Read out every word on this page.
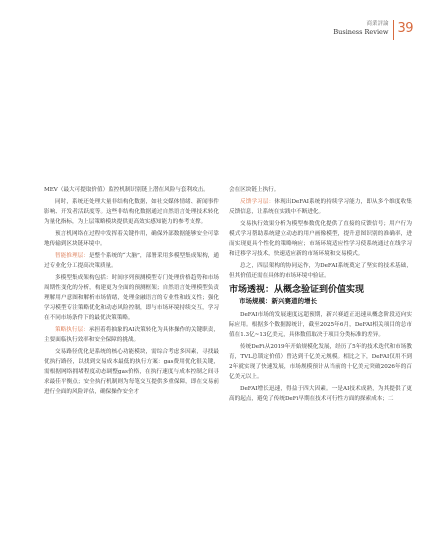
商業評論
Business Review 39

MEV（最大可提取价值）监控机制识别链上潜在风险与套利攻击。

同时，系统还处理大量非结构化数据，如社交媒体情绪、新闻事件影响、开发者活跃度等。这些非结构化数据通过自然语言处理技术转化为量化指标，为上层策略模块提供更高效实感知能力的参考支撑。

预言机网络在过程中发挥着关键作用，确保外部数据能够安全可靠地传输到区块链环境中。

智能推理层：是整个系统的“大脑”，部署采用多模型集成架构，通过专业化分工提高决策质量。

多模型集成架构包括：时间序列预测模型专门处理价格趋势和市场周期性变化的分析，构建更为全面的预测框架；自然语言处理模型负责理解用户意图和解析市场情绪，处理金融语言的专业性和歧义性；强化学习模型专注策略优化和动态风险控制，即与市场环境持续交互，学习在不同市场条件下的最优决策策略。

策略执行层：承担着将抽象的AI决策转化为具体操作的关键职责，主要面临执行效率和安全保障的挑战。

交易路径优化是系统的核心功能模块，需综合考虑多因素，寻找最优执行路径，以找到交易成本最低的执行方案：gas费用优化很关键，需根据网络拥堵程度动态调整gas价格，在执行速度与成本控制之间寻求最佳平衡点；安全执行机制则为每笔交互提供多重保障，即在交易前进行全面的风险评估，确保操作安全才

会在区块链上执行。

反馈学习层：体现出DeFAI系统的持续学习能力，即从多个维度收集反馈信息，让系统在实践中不断进化。

交易执行效果分析为模型参数优化提供了直接的反馈信号；用户行为模式学习帮助系统建立动态的用户画像模型，提升意图识别的准确率，进而实现更具个性化的策略响应；市场环境适应性学习使系统通过在线学习和迁移学习技术，快速适应新的市场环境和交易模式。

总之，四层架构的协同运作，为DeFAI系统奠定了坚实的技术基础，但其价值还需在具体的市场环境中验证。

市场透视：从概念验证到价值实现
市场规模：新兴赛道的增长

DeFAI市场的发展速度远超预期，新兴赛道正迅速从概念阶段迈向实际应用。根据多个数据源统计，截至2025年6月，DeFAI相关项目的总市值在1.3亿~13亿美元，具体数值取决于项目分类标准的差异。

传统DeFi从2019年开始规模化发展，经历了5年的技术迭代和市场教育，TVL总锁定价值）曾达到千亿美元规模。相比之下，DeFAI仅用不到2年就实现了快速发展，市场规模预计从当前的十亿美元突破2026年的百亿美元以上。

DeFAI增长迅速，得益于四大因素。一是AI技术成熟，为其提供了更高的起点，避免了传统DeFi早期在技术可行性方面的探索成本；二
